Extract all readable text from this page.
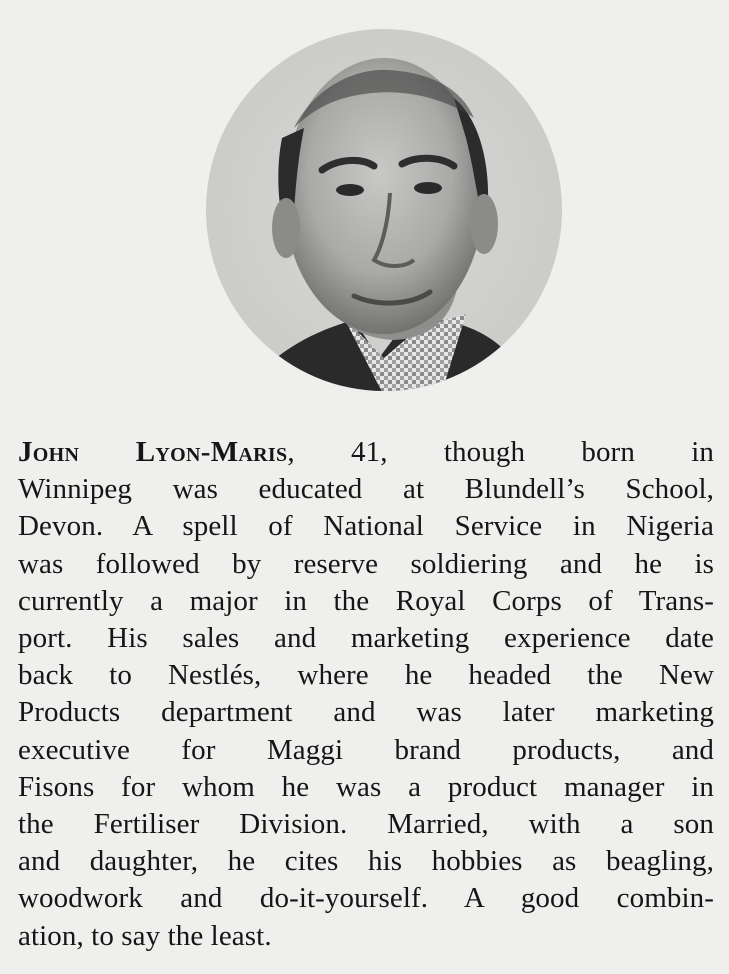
John Lyon-Maris, 41, though born in
Winnipeg was educated at Blundell’s School,
Devon. A spell of National Service in Nigeria
was followed by reserve soldiering and he is
currently a major in the Royal Corps of Trans-
port. His sales and marketing experience date
back to Nestlés, where he headed the New
Products department and was later marketing
executive for Maggi brand products, and
Fisons for whom he was a product manager in
the Fertiliser Division. Married, with a son
and daughter, he cites his hobbies as beagling,
woodwork and do-it-yourself. A good combin-
ation, to say the least.
